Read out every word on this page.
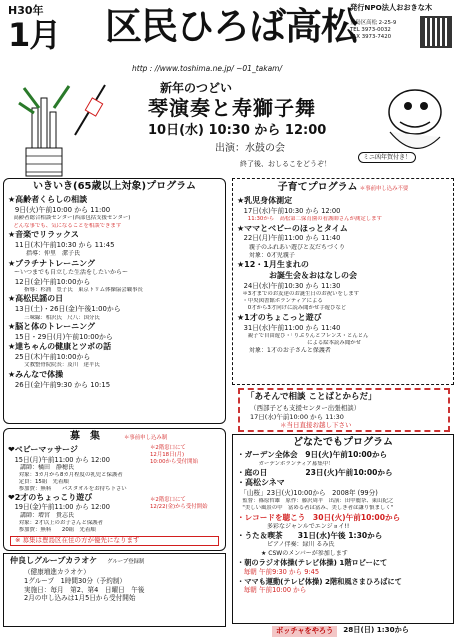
H30年
1月 区民ひろば高松
発行NPO法人おおきな木
豊島区高松 2-25-9
TEL 3973-0032
FAX 3973-7420
http : //www.toshima.ne.jp/ ~01_takam/
新年のつどい
琴演奏と寿獅子舞
10日(水) 10:30 から 12:00
出演：水鼓の会
終了後、おしるこをどうぞ！
ミニ凶年賀付き！
いきいき(65歳以上対象)プログラム
★高齢者くらしの相談
　9日(火)午前10:00 から 11:00
　高齢者総合相談センター(西部包括支援センター)
　どんな事でも、気になることを相談できます
★音楽でリラックス
　11日(木)午前10:30 から 11:45
　　　指導：仲里　潔子氏
★プラチナトレーニング
　ーいつまでも自立した生活をしたいからー
　12日(金)午前10:00から
　　　指導：杉浦　豊子氏　東京トリム体操協会職事長
★高松民謡の日
　13日(土)・26日(金)午後1:00から
　　　三味線：相沢氏　尺八：国分氏
★脳と体のトレーニング
　15日・29日(月)午前10:00から
★達ちゃんの健康とツボの話
　25日(木)午前10:00から
　　　文教整骨院院長：及川　達平氏
★みんなで体操
　26日(金)午前9:30 から 10:15
子育てプログラム ＊事前申し込み不要
★乳児身体測定
　17日(水)午前10:30 から 12:00
　　11:30から　高松第二保育園の看護師さんが測定します
★ママとベビーのほっとタイム
　22日(月)午前11:00 から 11:40
　　親子のふれあい遊びと友だちづくり
　　対象：0才児親子
★12・1月生まれの
　　　　お誕生会＆おはなしの会
　24日(水)午前10:30 から 11:30
　＊3才までのお友達のお誕生日のお祝いをします
　・中央図書館ボランティアによる
　　0才から3才向けに読み聞かせ手遊びなど
★1才のちょこっと遊び
　31日(水)午前11:00 から 11:40
　　親子で自由遊び・「りぷりんとフレンズ・とんとん
　　　　　　　　　　　　　による絵本読み聞かせ
　　対象：1才のお子さんと保護者
「あそんで相談 ことばとからだ」
（西部子ども支援センター出張相談）
17日(水)午前10:00 から 11:30
＊当日直接お越し下さい
募　集	＊事前申し込み制
❤ベビーマッサージ
　15日(月)午前11:00 から 12:00
　　講師：橘田　静穂氏
　　対象：3カ月から8カ月程度の乳児と保護者
　　定員：15組　先着順
　　参加費：無料　　バスタオルをお持ち下さい
❤2才のちょっこり遊び
　19日(金)午前11:00 から 12:00
　　講師：增宮　貴志氏
　　対象：2才以上のお子さんと保護者
　　参加費：無料　　20組　先着順
＊2階窓口にて
12月18日(月)
10:00から受付開始
＊2階窓口にて
12/22(金)から受付開始
※ 募集は豊島区在住の方が優先になります
仲良しグループカラオケ グループ登録制
（健康増進カラオケ）
1グループ　1時間30分（予約制）
実施日：毎月　第2、第4　日曜日　午後
2月の申し込みは1月5日から受付開始
どなたでもプログラム
・ガーデン全体会　9日(火)午前10:00から
　　　　ガーデンボランティア募集中！
・庭の日　　　　　23日(火)午前10:00から
・高松シネマ
　「山桜」23日(火)10:00から　2008年 (99分)
　監督：篠原哲雄　原作：藤沢周平　出演：田中麗奈、東山紀之
　"美しい風景の中　富める者は富み、美しき者は謙り慎ましく"
・レコードを聴こう　30日(火)午前10:00から
　　　　　多彩なジャンルでエンジョイ!!
・うた＆喫茶　　31日(水)午後 1:30から
　　　　　ピアノ伴奏：緑川 るみ氏
　　　　★ CSWのメンバーが参加します
・朝のラジオ体操(テレビ体操) 1階ロビーにて
　毎朝 午前9:30 から 9:45
・ママも運動(テレビ体操) 2階和風さまひろばにて
　毎朝 午前10:00 から
ボッチャをやろう	28日(日) 1:30から
